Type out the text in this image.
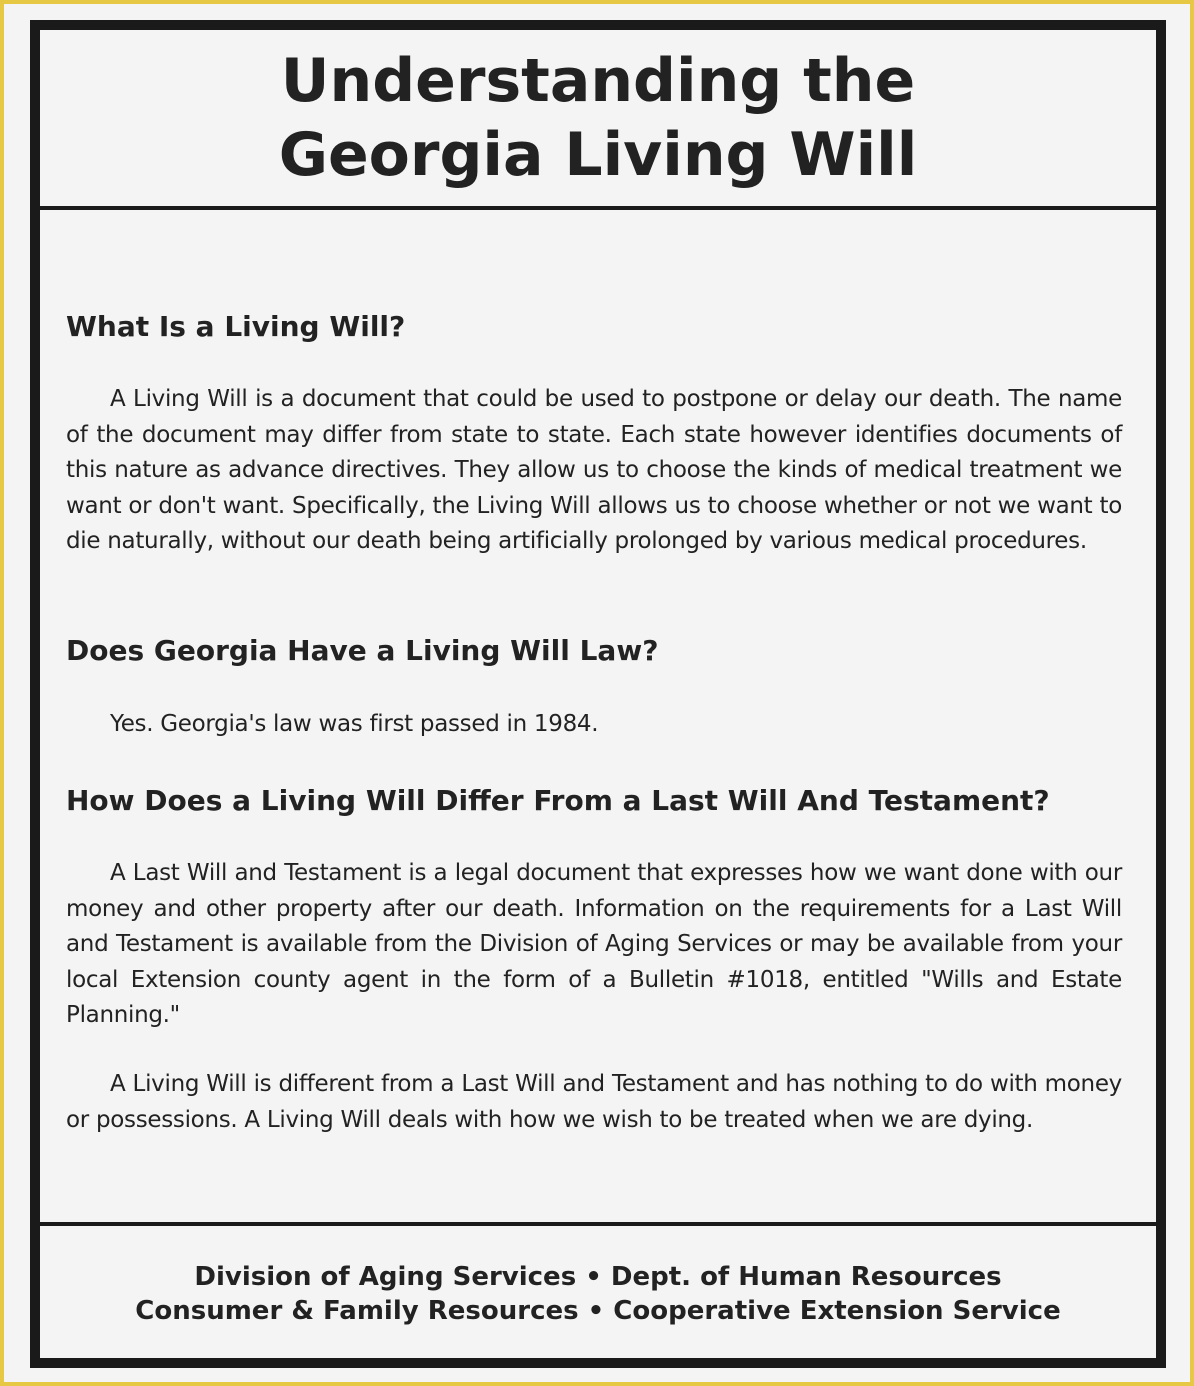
Understanding the
Georgia Living Will
What Is a Living Will?
A Living Will is a document that could be used to postpone or delay our death. The name of the document may differ from state to state. Each state however identifies documents of this nature as advance directives. They allow us to choose the kinds of medical treatment we want or don't want. Specifically, the Living Will allows us to choose whether or not we want to die naturally, without our death being artificially prolonged by various medical procedures.
Does Georgia Have a Living Will Law?
Yes. Georgia's law was first passed in 1984.
How Does a Living Will Differ From a Last Will And Testament?
A Last Will and Testament is a legal document that expresses how we want done with our money and other property after our death. Information on the requirements for a Last Will and Testament is available from the Division of Aging Services or may be available from your local Extension county agent in the form of a Bulletin #1018, entitled "Wills and Estate Planning."
A Living Will is different from a Last Will and Testament and has nothing to do with money or possessions. A Living Will deals with how we wish to be treated when we are dying.
Division of Aging Services • Dept. of Human Resources
Consumer & Family Resources • Cooperative Extension Service
